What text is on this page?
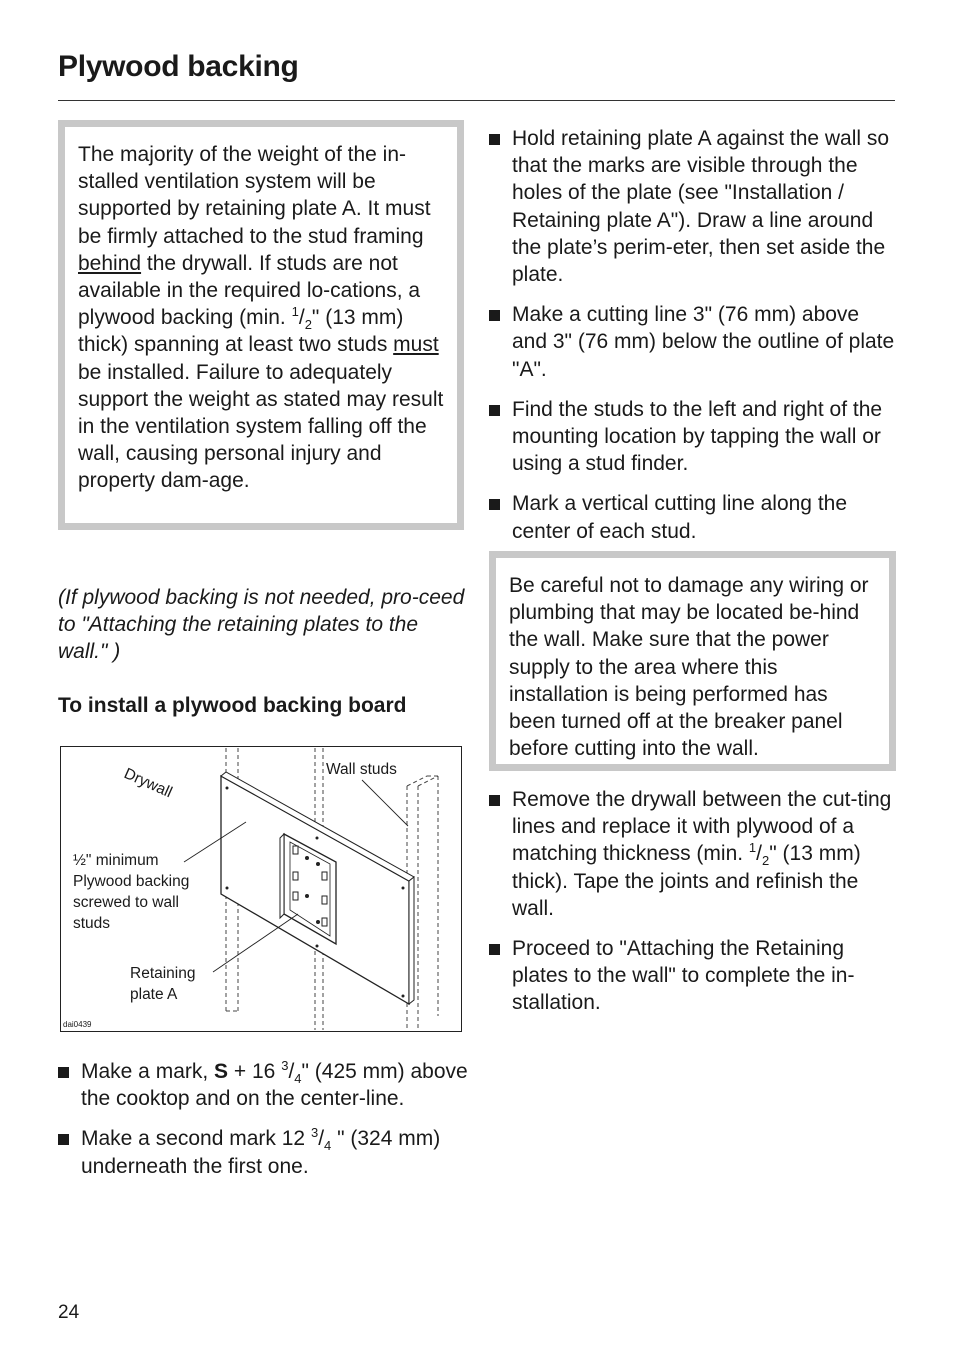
Plywood backing

The majority of the weight of the in-stalled ventilation system will be supported by retaining plate A. It must be firmly attached to the stud framing behind the drywall. If studs are not available in the required lo-cations, a plywood backing (min. $^1/_2$" (13 mm) thick) spanning at least two studs must be installed. Failure to adequately support the weight as stated may result in the ventilation system falling off the wall, causing personal injury and property dam-age.

(If plywood backing is not needed, pro-ceed to "Attaching the retaining plates to the wall." )
To install a plywood backing board
Drywall	Wall studs
½" minimum
Plywood backing
screwed to wall
studs
Retaining
plate A
dai0439
Make a mark, S + 16 $^3/_4$" (425 mm) above the cooktop and on the center-line.
Make a second mark 12 $^3/_4$ " (324 mm) underneath the first one.
Hold retaining plate A against the wall so that the marks are visible through the holes of the plate (see "Installation / Retaining plate A"). Draw a line around the plate’s perim-eter, then set aside the plate.
Make a cutting line 3" (76 mm) above and 3" (76 mm) below the outline of plate "A".
Find the studs to the left and right of the mounting location by tapping the wall or using a stud finder.
Mark a vertical cutting line along the center of each stud.

Be careful not to damage any wiring or plumbing that may be located be-hind the wall. Make sure that the power supply to the area where this installation is being performed has been turned off at the breaker panel before cutting into the wall.

Remove the drywall between the cut-ting lines and replace it with plywood of a matching thickness (min. $^1/_2$" (13 mm) thick). Tape the joints and refinish the wall.
Proceed to "Attaching the Retaining plates to the wall" to complete the in-stallation.
24
